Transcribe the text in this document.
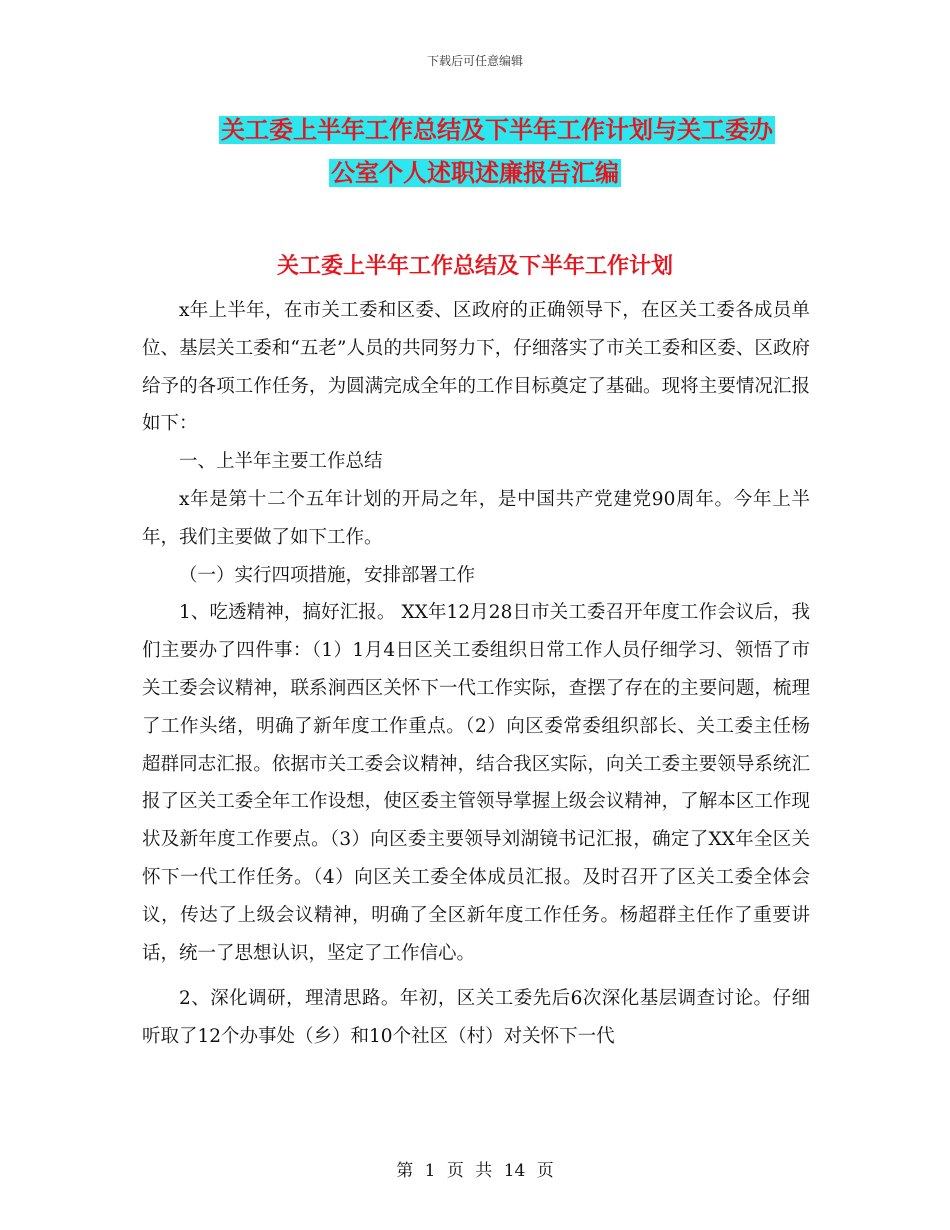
下载后可任意编辑
关工委上半年工作总结及下半年工作计划与关工委办
公室个人述职述廉报告汇编
关工委上半年工作总结及下半年工作计划

x年上半年，在市关工委和区委、区政府的正确领导下，在区关工委各成员单位、基层关工委和“五老”人员的共同努力下，仔细落实了市关工委和区委、区政府给予的各项工作任务，为圆满完成全年的工作目标奠定了基础。现将主要情况汇报如下：

一、上半年主要工作总结

x年是第十二个五年计划的开局之年，是中国共产党建党90周年。今年上半年，我们主要做了如下工作。

（一）实行四项措施，安排部署工作

1、吃透精神，搞好汇报。 XX年12月28日市关工委召开年度工作会议后，我们主要办了四件事：（1）1月4日区关工委组织日常工作人员仔细学习、领悟了市关工委会议精神，联系涧西区关怀下一代工作实际，查摆了存在的主要问题，梳理了工作头绪，明确了新年度工作重点。（2）向区委常委组织部长、关工委主任杨超群同志汇报。依据市关工委会议精神，结合我区实际，向关工委主要领导系统汇报了区关工委全年工作设想，使区委主管领导掌握上级会议精神，了解本区工作现状及新年度工作要点。（3）向区委主要领导刘湖镜书记汇报，确定了XX年全区关怀下一代工作任务。（4）向区关工委全体成员汇报。及时召开了区关工委全体会议，传达了上级会议精神，明确了全区新年度工作任务。杨超群主任作了重要讲话，统一了思想认识，坚定了工作信心。

2、深化调研，理清思路。年初，区关工委先后6次深化基层调查讨论。仔细听取了12个办事处（乡）和10个社区（村）对关怀下一代

第 1 页 共 14 页
